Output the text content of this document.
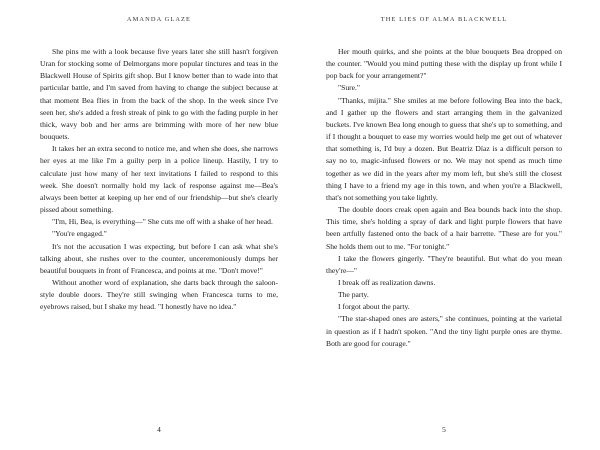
AMANDA GLAZE

She pins me with a look because five years later she still hasn't forgiven Uran for stocking some of Delmorgans more popular tinctures and teas in the Blackwell House of Spirits gift shop. But I know better than to wade into that particular battle, and I'm saved from having to change the subject because at that moment Bea flies in from the back of the shop. In the week since I've seen her, she's added a fresh streak of pink to go with the fading purple in her thick, wavy bob and her arms are brimming with more of her new blue bouquets.

It takes her an extra second to notice me, and when she does, she narrows her eyes at me like I'm a guilty perp in a police lineup. Hastily, I try to calculate just how many of her text invitations I failed to respond to this week. She doesn't normally hold my lack of response against me—Bea's always been better at keeping up her end of our friendship—but she's clearly pissed about something.

"I'm, Hi, Bea, is everything—" She cuts me off with a shake of her head.

"You're engaged."

It's not the accusation I was expecting, but before I can ask what she's talking about, she rushes over to the counter, unceremoniously dumps her beautiful bouquets in front of Francesca, and points at me. "Don't move!"

Without another word of explanation, she darts back through the saloon-style double doors. They're still swinging when Francesca turns to me, eyebrows raised, but I shake my head. "I honestly have no idea."

4
THE LIES OF ALMA BLACKWELL

Her mouth quirks, and she points at the blue bouquets Bea dropped on the counter. "Would you mind putting these with the display up front while I pop back for your arrangement?"

"Sure."

"Thanks, mijita." She smiles at me before following Bea into the back, and I gather up the flowers and start arranging them in the galvanized buckets. I've known Bea long enough to guess that she's up to something, and if I thought a bouquet to ease my worries would help me get out of whatever that something is, I'd buy a dozen. But Beatriz Díaz is a difficult person to say no to, magic-infused flowers or no. We may not spend as much time together as we did in the years after my mom left, but she's still the closest thing I have to a friend my age in this town, and when you're a Blackwell, that's not something you take lightly.

The double doors creak open again and Bea bounds back into the shop. This time, she's holding a spray of dark and light purple flowers that have been artfully fastened onto the back of a hair barrette. "These are for you." She holds them out to me. "For tonight."

I take the flowers gingerly. "They're beautiful. But what do you mean they're—"

I break off as realization dawns.

The party.

I forgot about the party.

"The star-shaped ones are asters," she continues, pointing at the varietal in question as if I hadn't spoken. "And the tiny light purple ones are thyme. Both are good for courage."

5
